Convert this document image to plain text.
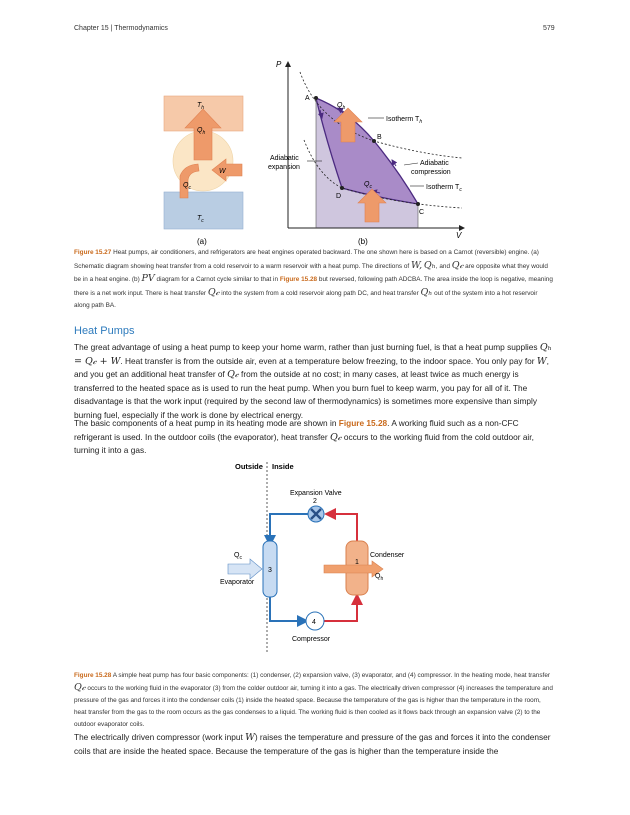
Chapter 15 | Thermodynamics	579
$T_h$
$Q_h$
W
$Q_c$
$T_c$
(a)
P
V
A
B
C
D
$Q_h$
$Q_c$
Isotherm $T_h$
Isotherm $T_c$
Adiabatic
expansion
Adiabatic
compression
(b)
Figure 15.27 Heat pumps, air conditioners, and refrigerators are heat engines operated backward. The one shown here is based on a Carnot (reversible) engine. (a) Schematic diagram showing heat transfer from a cold reservoir to a warm reservoir with a heat pump. The directions of W, Qₕ, and Q𝒸 are opposite what they would be in a heat engine. (b) PV diagram for a Carnot cycle similar to that in Figure 15.28 but reversed, following path ADCBA. The area inside the loop is negative, meaning there is a net work input. There is heat transfer Q𝒸 into the system from a cold reservoir along path DC, and heat transfer Qₕ out of the system into a hot reservoir along path BA.
Heat Pumps
The great advantage of using a heat pump to keep your home warm, rather than just burning fuel, is that a heat pump supplies Qₕ = Q𝒸 + W. Heat transfer is from the outside air, even at a temperature below freezing, to the indoor space. You only pay for W, and you get an additional heat transfer of Q𝒸 from the outside at no cost; in many cases, at least twice as much energy is transferred to the heated space as is used to run the heat pump. When you burn fuel to keep warm, you pay for all of it. The disadvantage is that the work input (required by the second law of thermodynamics) is sometimes more expensive than simply burning fuel, especially if the work is done by electrical energy.
The basic components of a heat pump in its heating mode are shown in Figure 15.28. A working fluid such as a non-CFC refrigerant is used. In the outdoor coils (the evaporator), heat transfer Q𝒸 occurs to the working fluid from the cold outdoor air, turning it into a gas.
Outside Inside
Expansion Valve
2
3
$Q_c$
Evaporator
1
Condenser
$Q_h$
4
Compressor
Figure 15.28 A simple heat pump has four basic components: (1) condenser, (2) expansion valve, (3) evaporator, and (4) compressor. In the heating mode, heat transfer Q𝒸 occurs to the working fluid in the evaporator (3) from the colder outdoor air, turning it into a gas. The electrically driven compressor (4) increases the temperature and pressure of the gas and forces it into the condenser coils (1) inside the heated space. Because the temperature of the gas is higher than the temperature in the room, heat transfer from the gas to the room occurs as the gas condenses to a liquid. The working fluid is then cooled as it flows back through an expansion valve (2) to the outdoor evaporator coils.
The electrically driven compressor (work input W) raises the temperature and pressure of the gas and forces it into the condenser coils that are inside the heated space. Because the temperature of the gas is higher than the temperature inside the
